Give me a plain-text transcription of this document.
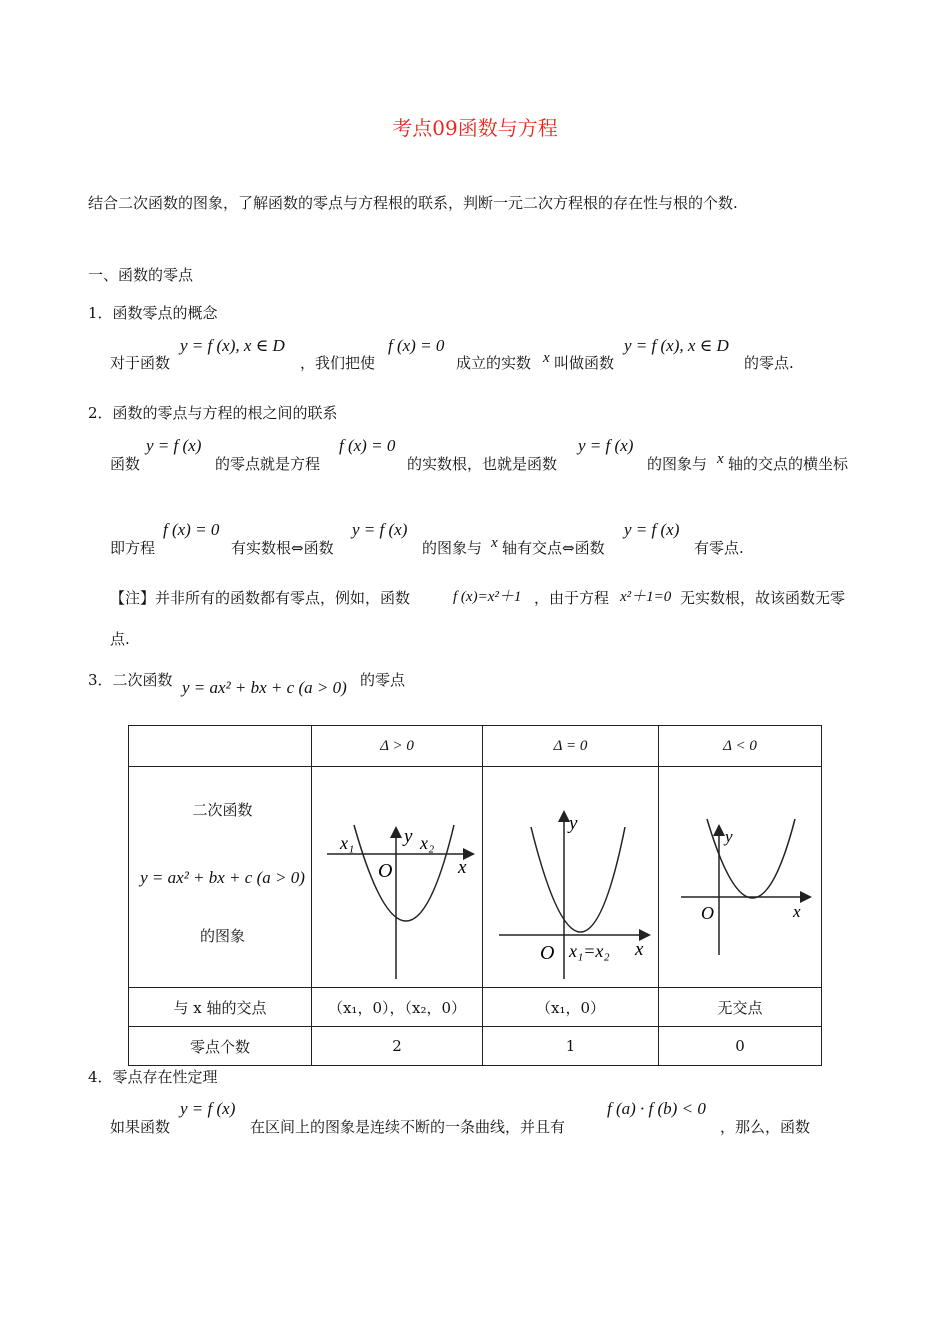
考点09函数与方程
结合二次函数的图象，了解函数的零点与方程根的联系，判断一元二次方程根的存在性与根的个数.
一、函数的零点
1．函数零点的概念
对于函数
y = f (x), x ∈ D
，我们把使
f (x) = 0
成立的实数 x 叫做函数
y = f (x), x ∈ D
的零点.
2．函数的零点与方程的根之间的联系
函数
y = f (x)
的零点就是方程
f (x) = 0
的实数根，也就是函数
y = f (x)
的图象与 x 轴的交点的横坐标
即方程
f (x) = 0
有实数根⇔函数
y = f (x)
的图象与 x 轴有交点⇔函数
y = f (x)
有零点.
【注】并非所有的函数都有零点，例如，函数	f (x)=x²＋1 ，由于方程 x²＋1=0 无实数根，故该函数无零
点.
3．二次函数 y = ax² + bx + c (a > 0) 的零点
	Δ > 0	Δ = 0	Δ < 0

二次函数
y = ax² + bx + c (a > 0)
的图象	y
x
O
x₁ x₂	y
x
O x₁=x₂	y
x
O

与 x 轴的交点	（x₁，0），（x₂，0）	（x₁，0）	无交点
零点个数	2	1	0
4．零点存在性定理
如果函数
y = f (x)
在区间上的图象是连续不断的一条曲线，并且有
f (a) · f (b) < 0
，那么，函数
